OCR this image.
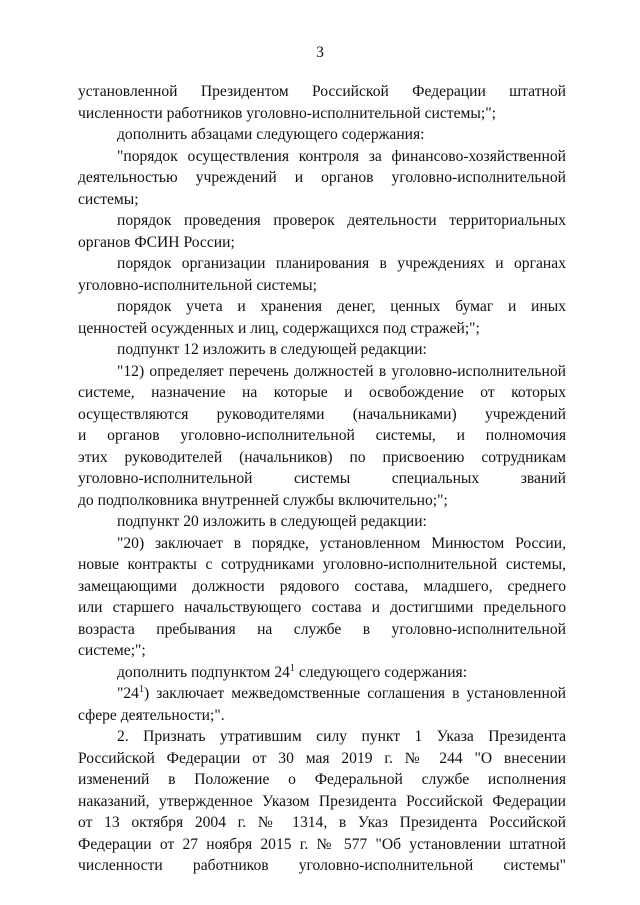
3
установленной Президентом Российской Федерации штатной
численности работников уголовно-исполнительной системы;";
дополнить абзацами следующего содержания:
"порядок осуществления контроля за финансово-хозяйственной
деятельностью учреждений и органов уголовно-исполнительной
системы;
порядок проведения проверок деятельности территориальных
органов ФСИН России;
порядок организации планирования в учреждениях и органах
уголовно-исполнительной системы;
порядок учета и хранения денег, ценных бумаг и иных
ценностей осужденных и лиц, содержащихся под стражей;";
подпункт 12 изложить в следующей редакции:
"12) определяет перечень должностей в уголовно-исполнительной
системе, назначение на которые и освобождение от которых
осуществляются руководителями (начальниками) учреждений
и органов уголовно-исполнительной системы, и полномочия
этих руководителей (начальников) по присвоению сотрудникам
уголовно-исполнительной системы специальных званий
до подполковника внутренней службы включительно;";
подпункт 20 изложить в следующей редакции:
"20) заключает в порядке, установленном Минюстом России,
новые контракты с сотрудниками уголовно-исполнительной системы,
замещающими должности рядового состава, младшего, среднего
или старшего начальствующего состава и достигшими предельного
возраста пребывания на службе в уголовно-исполнительной
системе;";
дополнить подпунктом $24^1$ следующего содержания:
"$24^1$) заключает межведомственные соглашения в установленной
сфере деятельности;".
2. Признать утратившим силу пункт 1 Указа Президента
Российской Федерации от 30 мая 2019 г. № 244 "О внесении
изменений в Положение о Федеральной службе исполнения
наказаний, утвержденное Указом Президента Российской Федерации
от 13 октября 2004 г. № 1314, в Указ Президента Российской
Федерации от 27 ноября 2015 г. № 577 "Об установлении штатной
численности работников уголовно-исполнительной системы"
